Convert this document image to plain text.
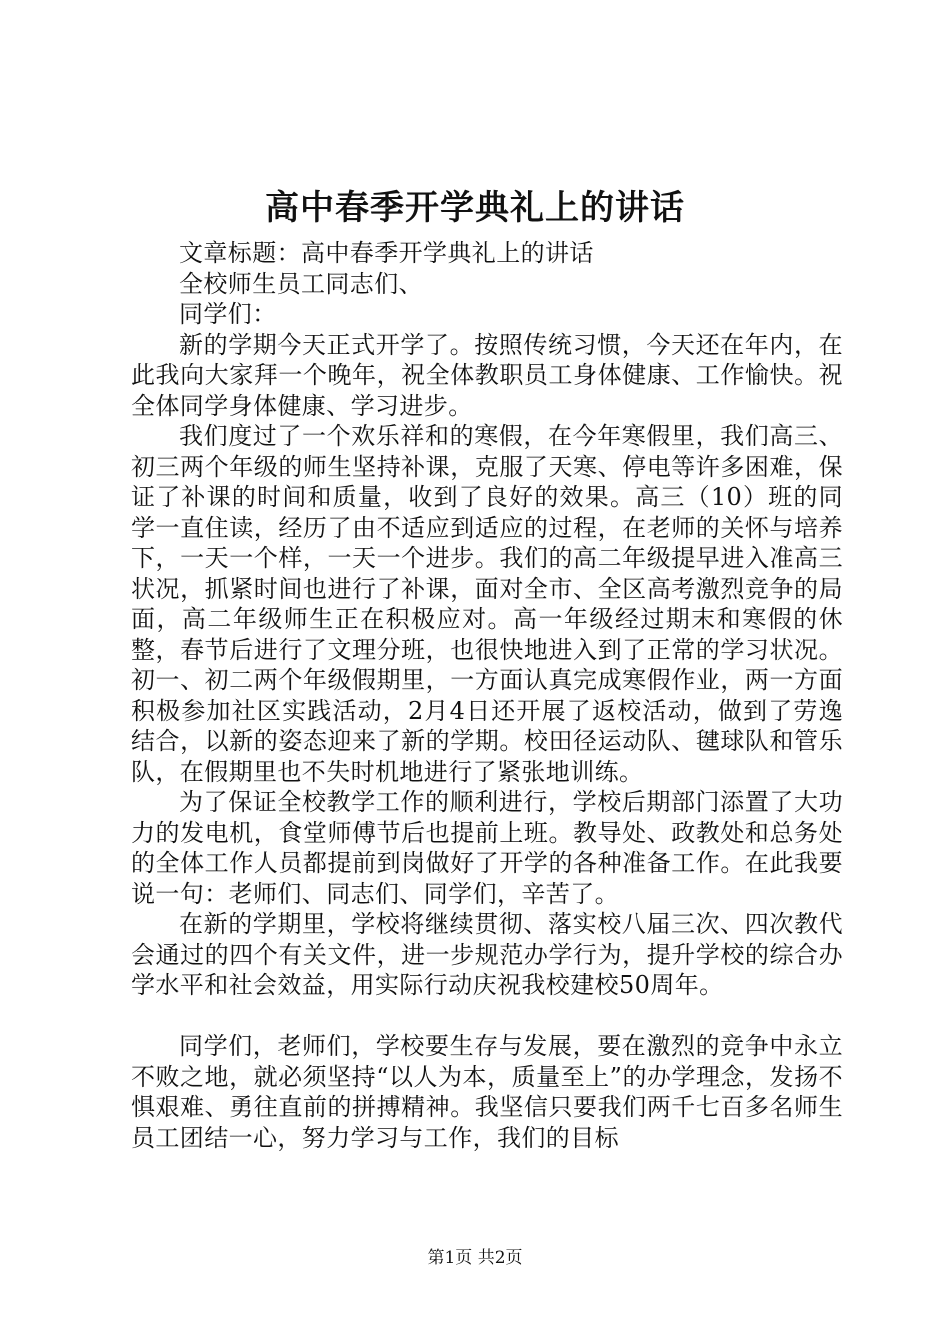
高中春季开学典礼上的讲话

文章标题：高中春季开学典礼上的讲话

全校师生员工同志们、

同学们：

新的学期今天正式开学了。按照传统习惯，今天还在年内，在此我向大家拜一个晚年，祝全体教职员工身体健康、工作愉快。祝全体同学身体健康、学习进步。

我们度过了一个欢乐祥和的寒假，在今年寒假里，我们高三、初三两个年级的师生坚持补课，克服了天寒、停电等许多困难，保证了补课的时间和质量，收到了良好的效果。高三（10）班的同学一直住读，经历了由不适应到适应的过程，在老师的关怀与培养下，一天一个样，一天一个进步。我们的高二年级提早进入准高三状况，抓紧时间也进行了补课，面对全市、全区高考激烈竞争的局面，高二年级师生正在积极应对。高一年级经过期末和寒假的休整，春节后进行了文理分班，也很快地进入到了正常的学习状况。初一、初二两个年级假期里，一方面认真完成寒假作业，两一方面积极参加社区实践活动，2月4日还开展了返校活动，做到了劳逸结合，以新的姿态迎来了新的学期。校田径运动队、毽球队和管乐队，在假期里也不失时机地进行了紧张地训练。

为了保证全校教学工作的顺利进行，学校后期部门添置了大功力的发电机，食堂师傅节后也提前上班。教导处、政教处和总务处的全体工作人员都提前到岗做好了开学的各种准备工作。在此我要说一句：老师们、同志们、同学们，辛苦了。

在新的学期里，学校将继续贯彻、落实校八届三次、四次教代会通过的四个有关文件，进一步规范办学行为，提升学校的综合办学水平和社会效益，用实际行动庆祝我校建校50周年。

同学们，老师们，学校要生存与发展，要在激烈的竞争中永立不败之地，就必须坚持“以人为本，质量至上”的办学理念，发扬不惧艰难、勇往直前的拼搏精神。我坚信只要我们两千七百多名师生员工团结一心，努力学习与工作，我们的目标

第1页 共2页
